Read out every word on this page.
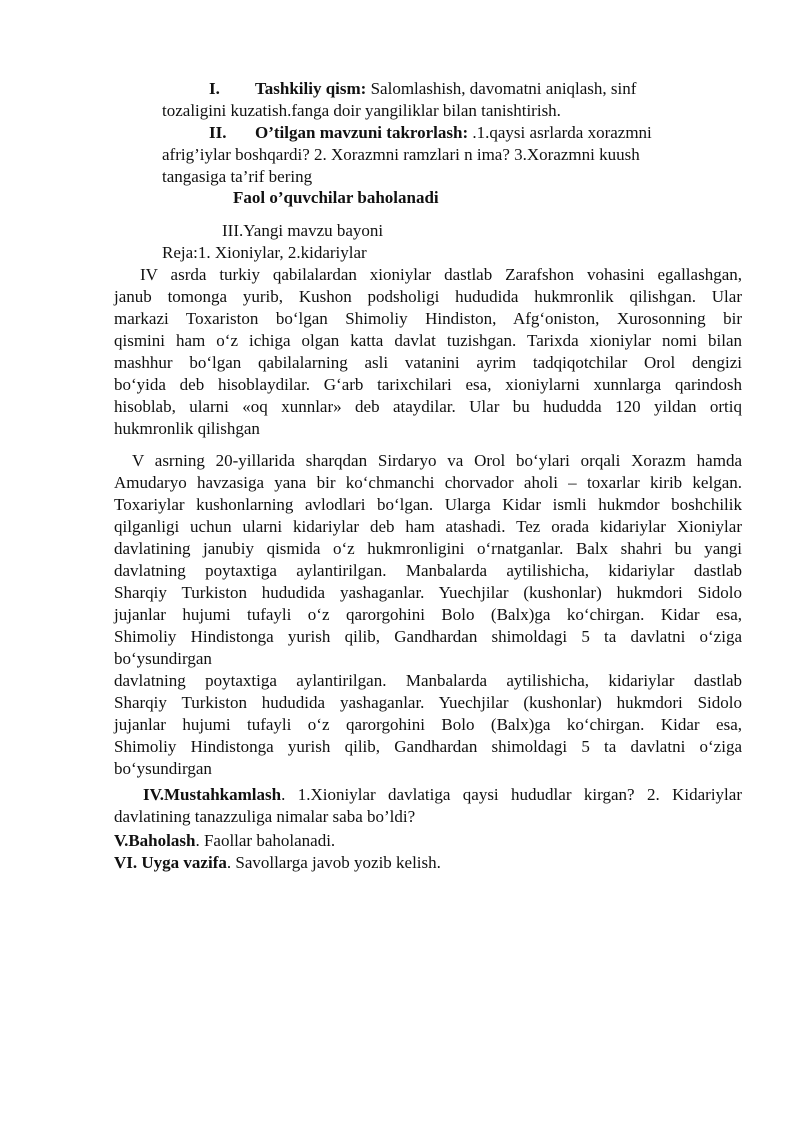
I. Tashkiliy qism: Salomlashish, davomatni aniqlash, sinf
tozaligini kuzatish.fanga doir yangiliklar bilan tanishtirish.
II. O’tilgan mavzuni takrorlash: .1.qaysi asrlarda xorazmni
afrig’iylar boshqardi? 2. Xorazmni ramzlari n ima? 3.Xorazmni kuush
tangasiga ta’rif bering
Faol o’quvchilar baholanadi
III.Yangi mavzu bayoni
Reja:1. Xioniylar, 2.kidariylar
IV asrda turkiy qabilalardan xioniylar dastlab Zarafshon vohasini egallashgan,
janub tomonga yurib, Kushon podsholigi hududida hukmronlik qilishgan. Ular
markazi Toxariston bo‘lgan Shimoliy Hindiston, Afg‘oniston, Xurosonning bir
qismini ham o‘z ichiga olgan katta davlat tuzishgan. Tarixda xioniylar nomi bilan
mashhur bo‘lgan qabilalarning asli vatanini ayrim tadqiqotchilar Orol dengizi
bo‘yida deb hisoblaydilar. G‘arb tarixchilari esa, xioniylarni xunnlarga qarindosh
hisoblab, ularni «oq xunnlar» deb ataydilar. Ular bu hududda 120 yildan ortiq
hukmronlik qilishgan
V asrning 20-yillarida sharqdan Sirdaryo va Orol bo‘ylari orqali Xorazm hamda
Amudaryo havzasiga yana bir ko‘chmanchi chorvador aholi – toxarlar kirib kelgan.
Toxariylar kushonlarning avlodlari bo‘lgan. Ularga Kidar ismli hukmdor boshchilik
qilganligi uchun ularni kidariylar deb ham atashadi. Tez orada kidariylar Xioniylar
davlatining janubiy qismida o‘z hukmronligini o‘rnatganlar. Balx shahri bu yangi
davlatning poytaxtiga aylantirilgan. Manbalarda aytilishicha, kidariylar dastlab
Sharqiy Turkiston hududida yashaganlar. Yuechjilar (kushonlar) hukmdori Sidolo
jujanlar hujumi tufayli o‘z qarorgohini Bolo (Balx)ga ko‘chirgan. Kidar esa,
Shimoliy Hindistonga yurish qilib, Gandhardan shimoldagi 5 ta davlatni o‘ziga
bo‘ysundirgan
davlatning poytaxtiga aylantirilgan. Manbalarda aytilishicha, kidariylar dastlab
Sharqiy Turkiston hududida yashaganlar. Yuechjilar (kushonlar) hukmdori Sidolo
jujanlar hujumi tufayli o‘z qarorgohini Bolo (Balx)ga ko‘chirgan. Kidar esa,
Shimoliy Hindistonga yurish qilib, Gandhardan shimoldagi 5 ta davlatni o‘ziga
bo‘ysundirgan
IV.Mustahkamlash. 1.Xioniylar davlatiga qaysi hududlar kirgan? 2. Kidariylar
davlatining tanazzuliga nimalar saba bo’ldi?
V.Baholash. Faollar baholanadi.
VI. Uyga vazifa. Savollarga javob yozib kelish.
